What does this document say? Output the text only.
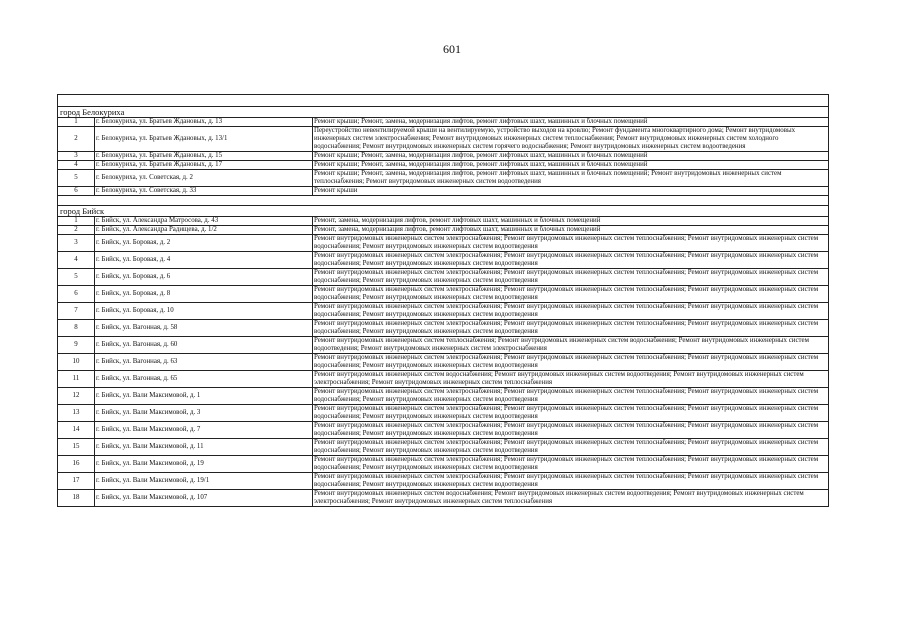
601
город Белокуриха
1	г. Белокуриха, ул. Братьев Ждановых, д. 13	Ремонт крыши; Ремонт, замена, модернизация лифтов, ремонт лифтовых шахт, машинных и блочных помещений
2	г. Белокуриха, ул. Братьев Ждановых, д. 13/1	Переустройство невентилируемой крыши на вентилируемую, устройство выходов на кровлю; Ремонт фундамента многоквартирного дома; Ремонт внутридомовых инженерных систем электроснабжения; Ремонт внутридомовых инженерных систем теплоснабжения; Ремонт внутридомовых инженерных систем холодного водоснабжения; Ремонт внутридомовых инженерных систем горячего водоснабжения; Ремонт внутридомовых инженерных систем водоотведения
3	г. Белокуриха, ул. Братьев Ждановых, д. 15	Ремонт крыши; Ремонт, замена, модернизация лифтов, ремонт лифтовых шахт, машинных и блочных помещений
4	г. Белокуриха, ул. Братьев Ждановых, д. 17	Ремонт крыши; Ремонт, замена, модернизация лифтов, ремонт лифтовых шахт, машинных и блочных помещений
5	г. Белокуриха, ул. Советская, д. 2	Ремонт крыши; Ремонт, замена, модернизация лифтов, ремонт лифтовых шахт, машинных и блочных помещений; Ремонт внутридомовых инженерных систем теплоснабжения; Ремонт внутридомовых инженерных систем водоотведения
6	г. Белокуриха, ул. Советская, д. 33	Ремонт крыши
город Бийск
1	г. Бийск, ул. Александра Матросова, д. 43	Ремонт, замена, модернизация лифтов, ремонт лифтовых шахт, машинных и блочных помещений
2	г. Бийск, ул. Александра Радищева, д. 1/2	Ремонт, замена, модернизация лифтов, ремонт лифтовых шахт, машинных и блочных помещений
3	г. Бийск, ул. Боровая, д. 2	Ремонт внутридомовых инженерных систем электроснабжения; Ремонт внутридомовых инженерных систем теплоснабжения; Ремонт внутридомовых инженерных систем водоснабжения; Ремонт внутридомовых инженерных систем водоотведения
4	г. Бийск, ул. Боровая, д. 4	Ремонт внутридомовых инженерных систем электроснабжения; Ремонт внутридомовых инженерных систем теплоснабжения; Ремонт внутридомовых инженерных систем водоснабжения; Ремонт внутридомовых инженерных систем водоотведения
5	г. Бийск, ул. Боровая, д. 6	Ремонт внутридомовых инженерных систем электроснабжения; Ремонт внутридомовых инженерных систем теплоснабжения; Ремонт внутридомовых инженерных систем водоснабжения; Ремонт внутридомовых инженерных систем водоотведения
6	г. Бийск, ул. Боровая, д. 8	Ремонт внутридомовых инженерных систем электроснабжения; Ремонт внутридомовых инженерных систем теплоснабжения; Ремонт внутридомовых инженерных систем водоснабжения; Ремонт внутридомовых инженерных систем водоотведения
7	г. Бийск, ул. Боровая, д. 10	Ремонт внутридомовых инженерных систем электроснабжения; Ремонт внутридомовых инженерных систем теплоснабжения; Ремонт внутридомовых инженерных систем водоснабжения; Ремонт внутридомовых инженерных систем водоотведения
8	г. Бийск, ул. Вагонная, д. 58	Ремонт внутридомовых инженерных систем электроснабжения; Ремонт внутридомовых инженерных систем теплоснабжения; Ремонт внутридомовых инженерных систем водоснабжения; Ремонт внутридомовых инженерных систем водоотведения
9	г. Бийск, ул. Вагонная, д. 60	Ремонт внутридомовых инженерных систем теплоснабжения; Ремонт внутридомовых инженерных систем водоснабжения; Ремонт внутридомовых инженерных систем водоотведения; Ремонт внутридомовых инженерных систем электроснабжения
10	г. Бийск, ул. Вагонная, д. 63	Ремонт внутридомовых инженерных систем электроснабжения; Ремонт внутридомовых инженерных систем теплоснабжения; Ремонт внутридомовых инженерных систем водоснабжения; Ремонт внутридомовых инженерных систем водоотведения
11	г. Бийск, ул. Вагонная, д. 65	Ремонт внутридомовых инженерных систем водоснабжения; Ремонт внутридомовых инженерных систем водоотведения; Ремонт внутридомовых инженерных систем электроснабжения; Ремонт внутридомовых инженерных систем теплоснабжения
12	г. Бийск, ул. Вали Максимовой, д. 1	Ремонт внутридомовых инженерных систем электроснабжения; Ремонт внутридомовых инженерных систем теплоснабжения; Ремонт внутридомовых инженерных систем водоснабжения; Ремонт внутридомовых инженерных систем водоотведения
13	г. Бийск, ул. Вали Максимовой, д. 3	Ремонт внутридомовых инженерных систем электроснабжения; Ремонт внутридомовых инженерных систем теплоснабжения; Ремонт внутридомовых инженерных систем водоснабжения; Ремонт внутридомовых инженерных систем водоотведения
14	г. Бийск, ул. Вали Максимовой, д. 7	Ремонт внутридомовых инженерных систем электроснабжения; Ремонт внутридомовых инженерных систем теплоснабжения; Ремонт внутридомовых инженерных систем водоснабжения; Ремонт внутридомовых инженерных систем водоотведения
15	г. Бийск, ул. Вали Максимовой, д. 11	Ремонт внутридомовых инженерных систем электроснабжения; Ремонт внутридомовых инженерных систем теплоснабжения; Ремонт внутридомовых инженерных систем водоснабжения; Ремонт внутридомовых инженерных систем водоотведения
16	г. Бийск, ул. Вали Максимовой, д. 19	Ремонт внутридомовых инженерных систем электроснабжения; Ремонт внутридомовых инженерных систем теплоснабжения; Ремонт внутридомовых инженерных систем водоснабжения; Ремонт внутридомовых инженерных систем водоотведения
17	г. Бийск, ул. Вали Максимовой, д. 19/1	Ремонт внутридомовых инженерных систем электроснабжения; Ремонт внутридомовых инженерных систем теплоснабжения; Ремонт внутридомовых инженерных систем водоснабжения; Ремонт внутридомовых инженерных систем водоотведения
18	г. Бийск, ул. Вали Максимовой, д. 107	Ремонт внутридомовых инженерных систем водоснабжения; Ремонт внутридомовых инженерных систем водоотведения; Ремонт внутридомовых инженерных систем электроснабжения; Ремонт внутридомовых инженерных систем теплоснабжения
